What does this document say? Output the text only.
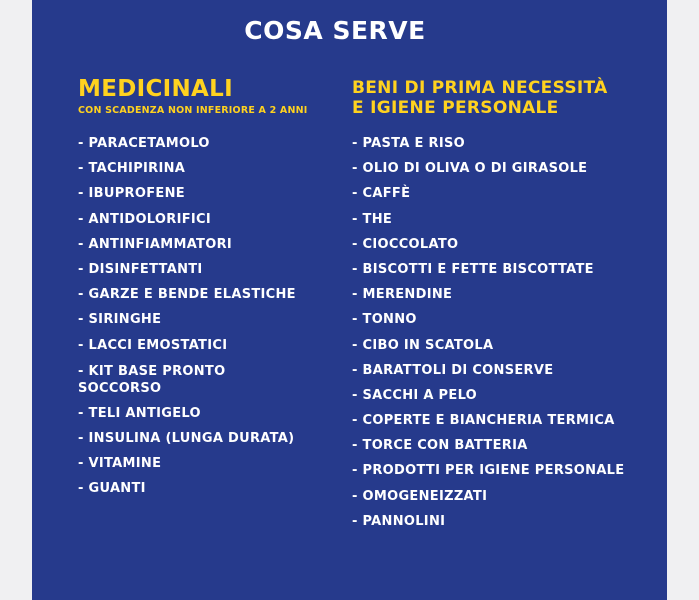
COSA SERVE
MEDICINALI
CON SCADENZA NON INFERIORE A 2 ANNI
- PARACETAMOLO
- TACHIPIRINA
- IBUPROFENE
- ANTIDOLORIFICI
- ANTINFIAMMATORI
- DISINFETTANTI
- GARZE E BENDE ELASTICHE
- SIRINGHE
- LACCI EMOSTATICI
- KIT BASE PRONTO SOCCORSO
- TELI ANTIGELO
- INSULINA (LUNGA DURATA)
- VITAMINE
- GUANTI
BENI DI PRIMA NECESSITÀ
E IGIENE PERSONALE
- PASTA E RISO
- OLIO DI OLIVA O DI GIRASOLE
- CAFFÈ
- THE
- CIOCCOLATO
- BISCOTTI E FETTE BISCOTTATE
- MERENDINE
- TONNO
- CIBO IN SCATOLA
- BARATTOLI DI CONSERVE
- SACCHI A PELO
- COPERTE E BIANCHERIA TERMICA
- TORCE CON BATTERIA
- PRODOTTI PER IGIENE PERSONALE
- OMOGENEIZZATI
- PANNOLINI
